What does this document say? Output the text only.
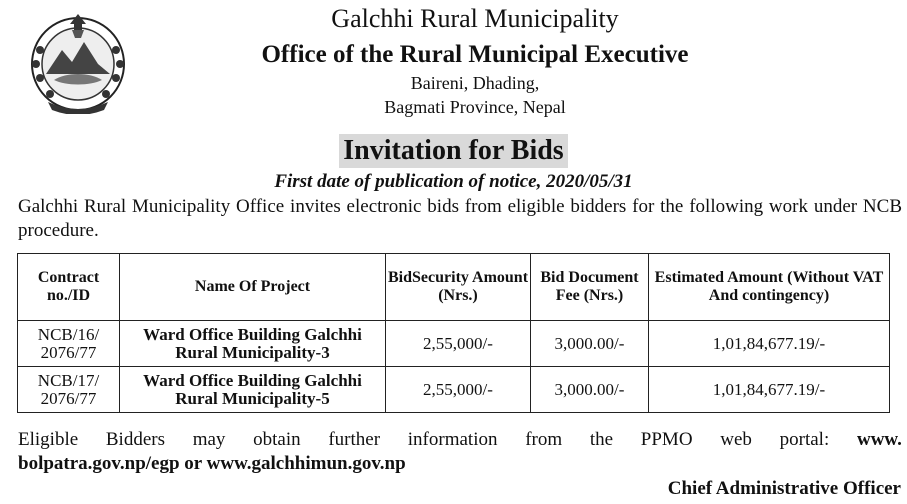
Galchhi Rural Municipality
Office of the Rural Municipal Executive
Baireni, Dhading,
Bagmati Province, Nepal
Invitation for Bids
First date of publication of notice, 2020/05/31
Galchhi Rural Municipality Office invites electronic bids from eligible bidders for the following work under NCB procedure.
Contract no./ID	Name Of Project	BidSecurity Amount (Nrs.)	Bid Document Fee (Nrs.)	Estimated Amount (Without VAT And contingency)
NCB/16/ 2076/77	Ward Office Building Galchhi Rural Municipality-3	2,55,000/-	3,000.00/-	1,01,84,677.19/-
NCB/17/ 2076/77	Ward Office Building Galchhi Rural Municipality-5	2,55,000/-	3,000.00/-	1,01,84,677.19/-
Eligible Bidders may obtain further information from the PPMO web portal: www.
bolpatra.gov.np/egp or www.galchhimun.gov.np
Chief Administrative Officer
